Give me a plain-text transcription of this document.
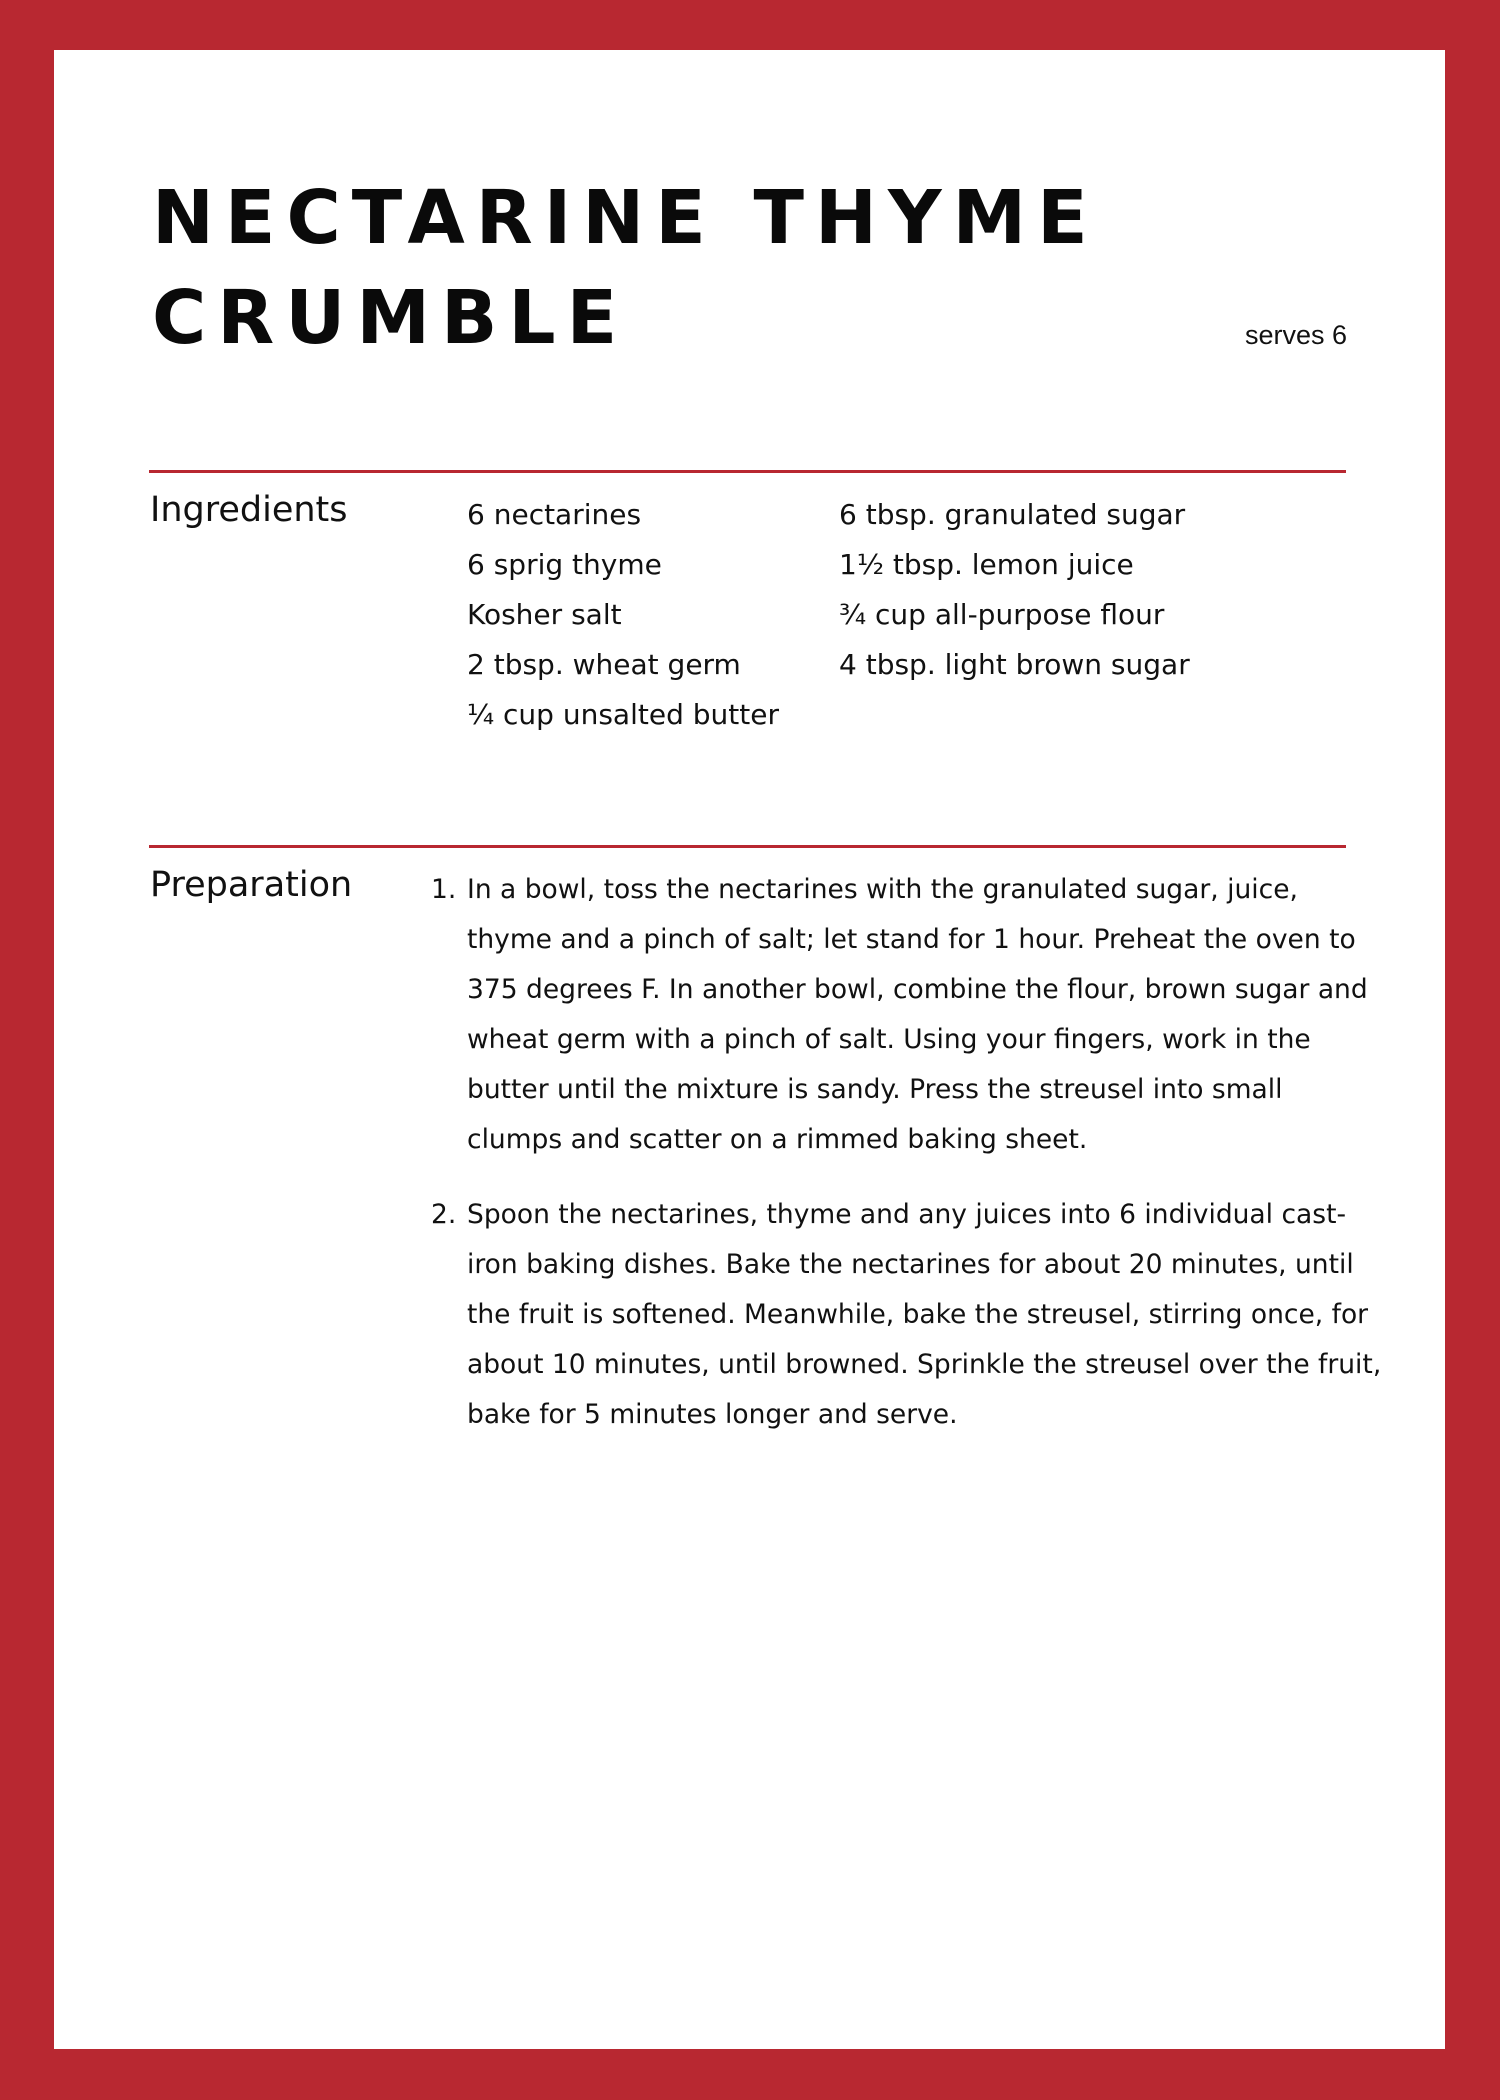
NECTARINE THYME CRUMBLE	serves 6
Ingredients	6 nectarines
6 sprig thyme
Kosher salt
2 tbsp. wheat germ
¼ cup unsalted butter
6 tbsp. granulated sugar
1½ tbsp. lemon juice
¾ cup all-purpose flour
4 tbsp. light brown sugar
Preparation	1. In a bowl, toss the nectarines with the granulated sugar, juice, thyme and a pinch of salt; let stand for 1 hour. Preheat the oven to 375 degrees F. In another bowl, combine the flour, brown sugar and wheat germ with a pinch of salt. Using your fingers, work in the butter until the mixture is sandy. Press the streusel into small clumps and scatter on a rimmed baking sheet.
2. Spoon the nectarines, thyme and any juices into 6 individual cast-iron baking dishes. Bake the nectarines for about 20 minutes, until the fruit is softened. Meanwhile, bake the streusel, stirring once, for about 10 minutes, until browned. Sprinkle the streusel over the fruit, bake for 5 minutes longer and serve.
